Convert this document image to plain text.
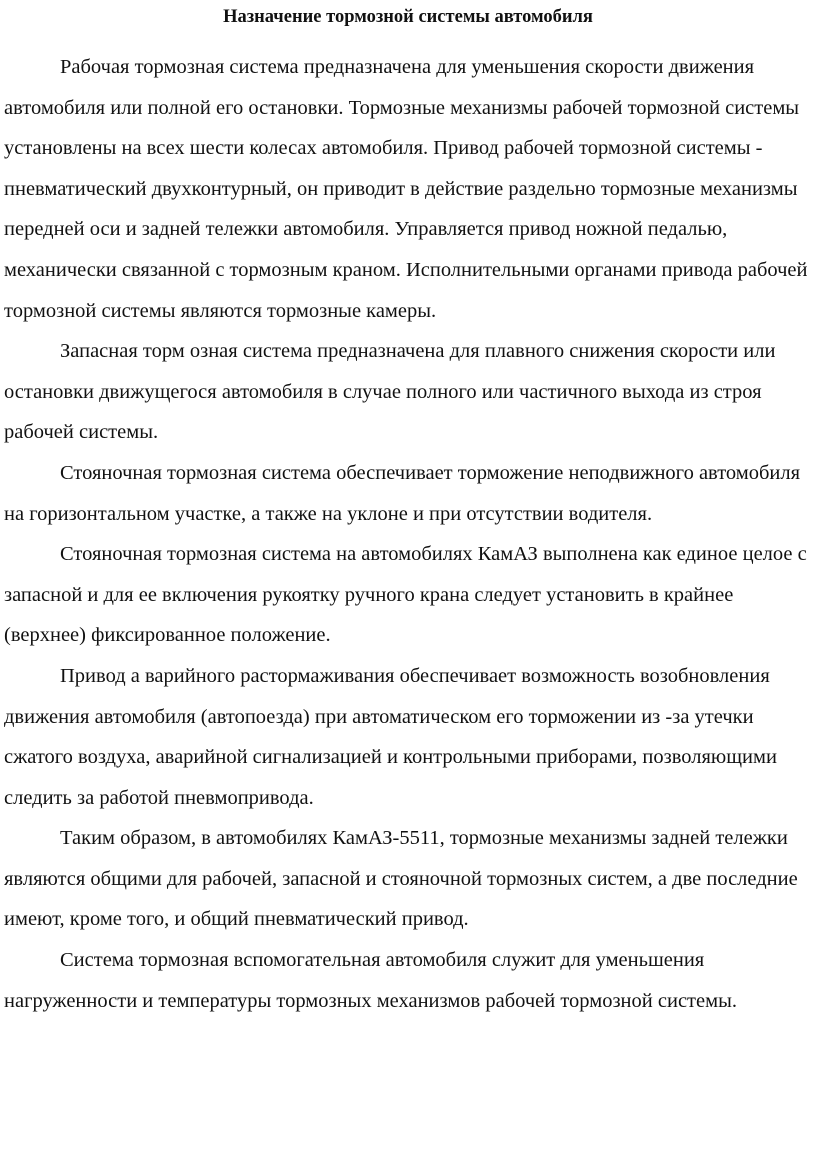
Назначение тормозной системы автомобиля

Рабочая тормозная система предназначена для уменьшения скорости движения автомобиля или полной его остановки. Тормозные механизмы рабочей тормозной системы установлены на всех шести колесах автомобиля. Привод рабочей тормозной системы - пневматический двухконтурный, он приводит в действие раздельно тормозные механизмы передней оси и задней тележки автомобиля. Управляется привод ножной педалью, механически связанной с тормозным краном. Исполнительными органами привода рабочей тормозной системы являются тормозные камеры.

Запасная торм озная система предназначена для плавного снижения скорости или остановки движущегося автомобиля в случае полного или частичного выхода из строя рабочей системы.

Стояночная тормозная система обеспечивает торможение неподвижного автомобиля на горизонтальном участке, а также на уклоне и при отсутствии водителя.

Стояночная тормозная система на автомобилях КамАЗ выполнена как единое целое с запасной и для ее включения рукоятку ручного крана следует установить в крайнее (верхнее) фиксированное положение.

Привод а варийного растормаживания обеспечивает возможность возобновления движения автомобиля (автопоезда) при автоматическом его торможении из -за утечки сжатого воздуха, аварийной сигнализацией и контрольными приборами, позволяющими следить за работой пневмопривода.

Таким образом, в автомобилях КамАЗ-5511, тормозные механизмы задней тележки являются общими для рабочей, запасной и стояночной тормозных систем, а две последние имеют, кроме того, и общий пневматический привод.

Система тормозная вспомогательная автомобиля служит для уменьшения нагруженности и температуры тормозных механизмов рабочей тормозной системы.
